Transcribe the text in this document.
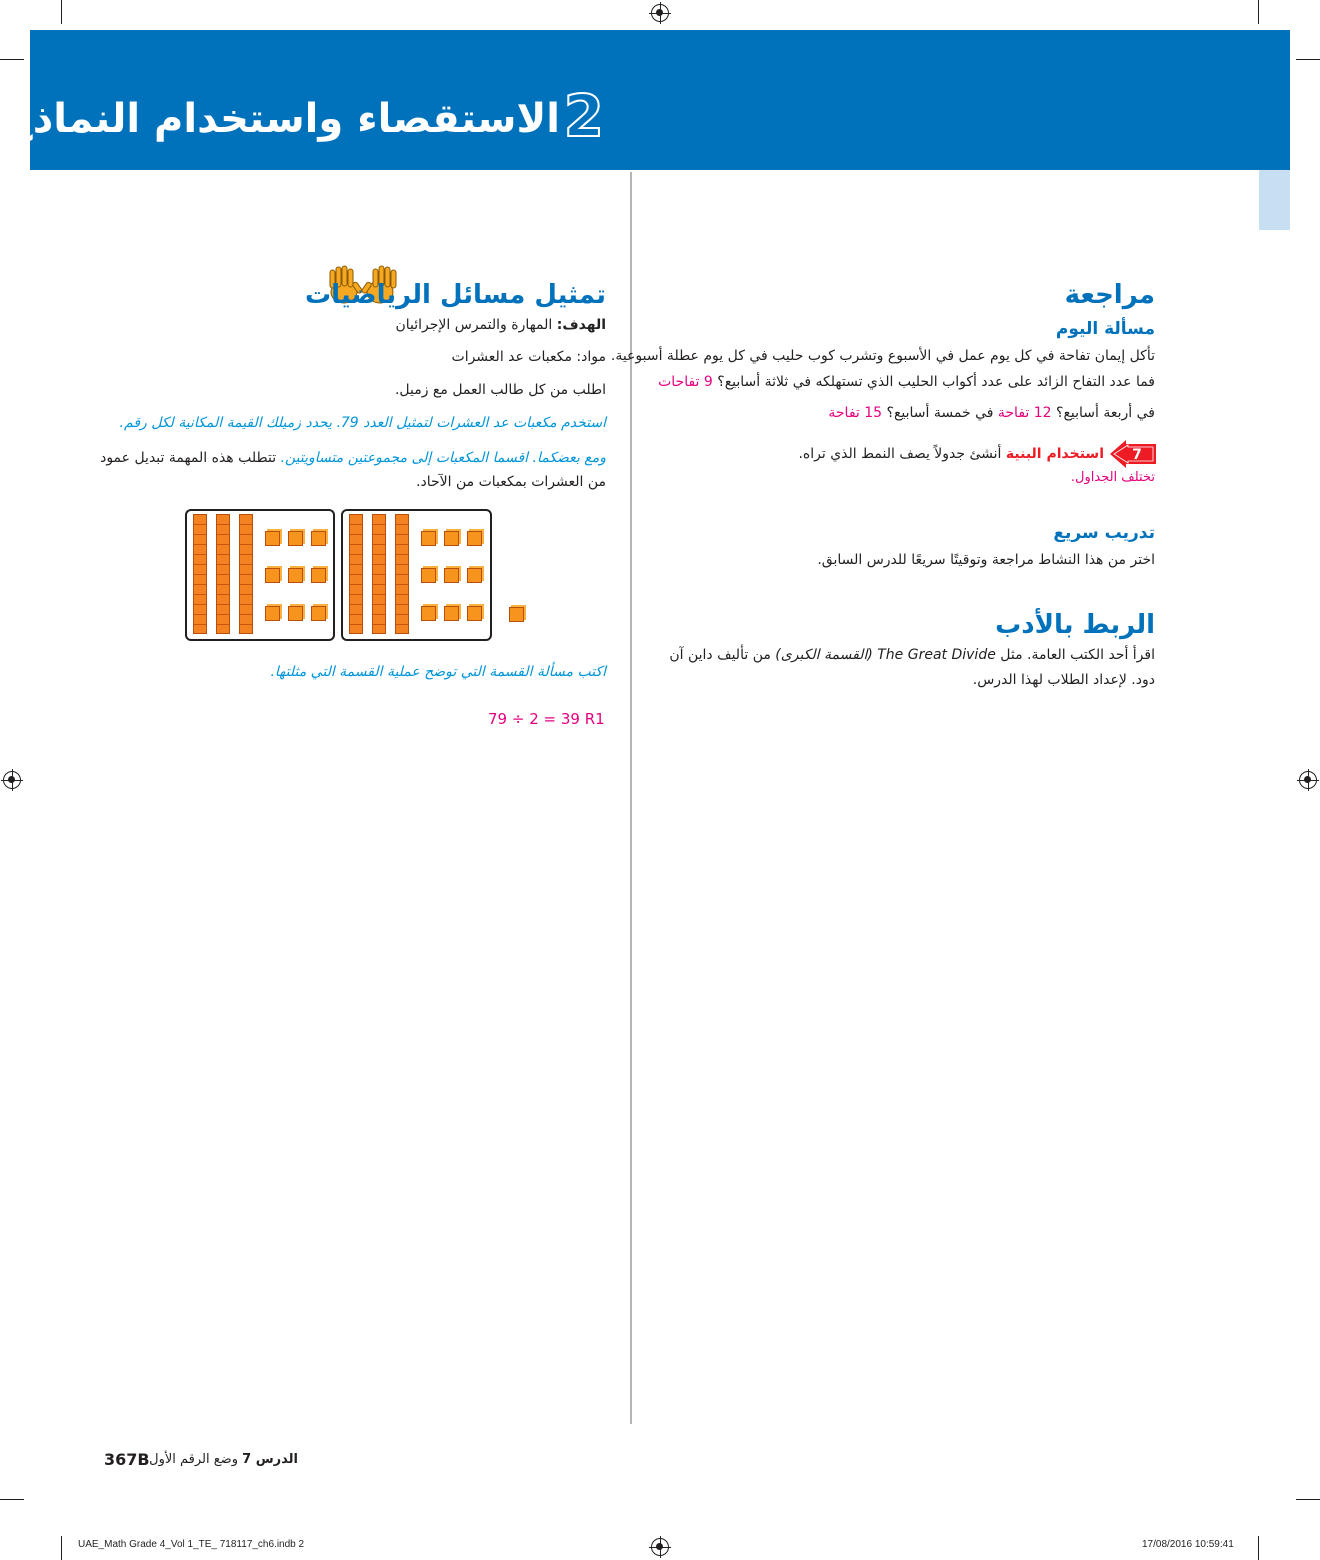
2
الاستقصاء واستخدام النماذج
مراجعة
مسألة اليوم
تأكل إيمان تفاحة في كل يوم عمل في الأسبوع وتشرب كوب حليب في كل يوم عطلة أسبوعية.
فما عدد التفاح الزائد على عدد أكواب الحليب الذي تستهلكه في ثلاثة أسابيع؟ 9 تفاحات
في أربعة أسابيع؟ 12 تفاحة في خمسة أسابيع؟ 15 تفاحة
7
استخدام البنية أنشئ جدولاً يصف النمط الذي تراه.
تختلف الجداول.
تدريب سريع
اختر من هذا النشاط مراجعة وتوقيتًا سريعًا للدرس السابق.
الربط بالأدب
اقرأ أحد الكتب العامة. مثل The Great Divide (القسمة الكبرى) من تأليف داين آن
دود. لإعداد الطلاب لهذا الدرس.
تمثيل مسائل الرياضيات
الهدف: المهارة والتمرس الإجرائيان
مواد: مكعبات عد العشرات
اطلب من كل طالب العمل مع زميل.
استخدم مكعبات عد العشرات لتمثيل العدد 79. يحدد زميلك القيمة المكانية لكل رقم.
ومع بعضكما. اقسما المكعبات إلى مجموعتين متساويتين. تتطلب هذه المهمة تبديل عمود
من العشرات بمكعبات من الآحاد.
اكتب مسألة القسمة التي توضح عملية القسمة التي مثلتها.
79 ÷ 2 = 39 R1
367B	الدرس 7 وضع الرقم الأول
UAE_Math Grade 4_Vol 1_TE_ 718117_ch6.indb 2	17/08/2016 10:59:41
